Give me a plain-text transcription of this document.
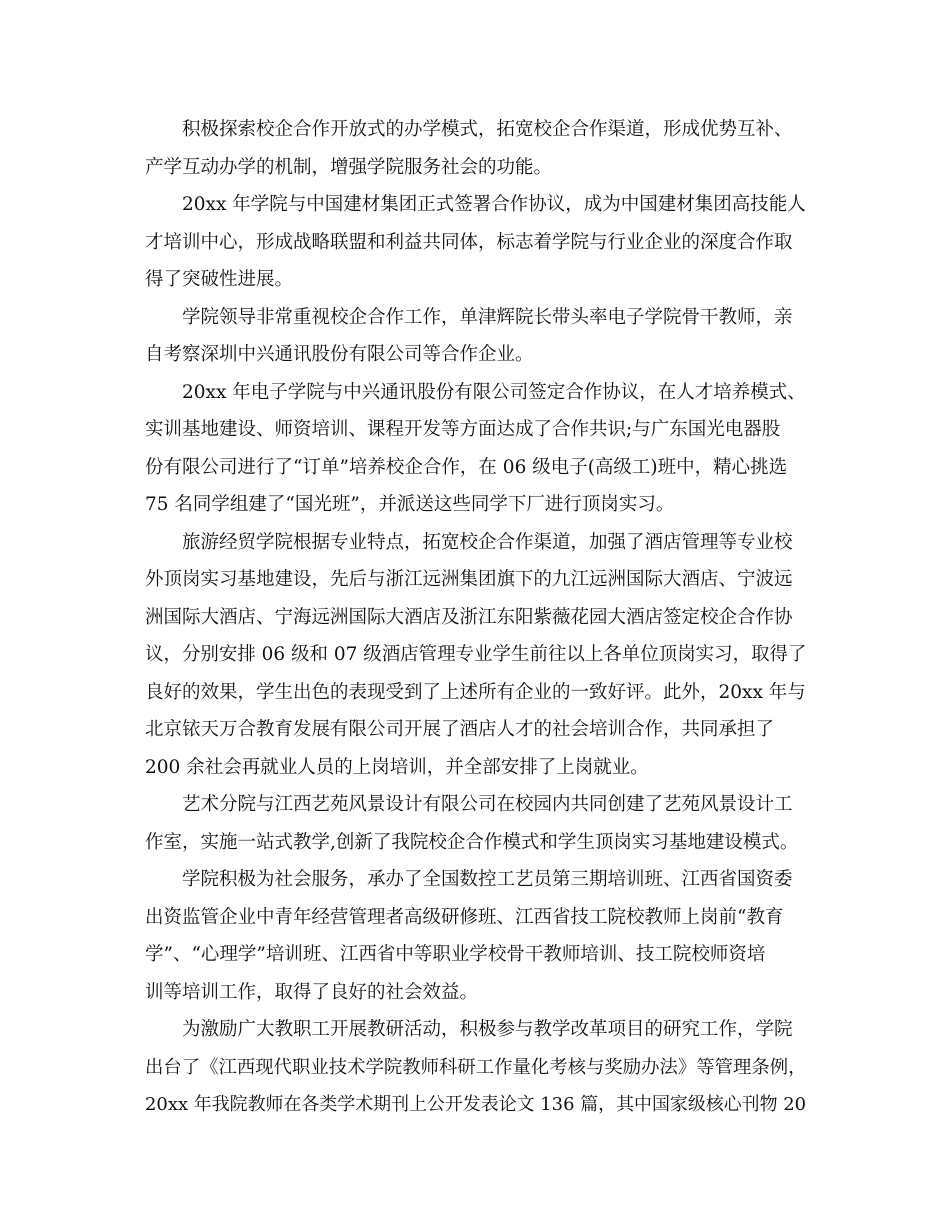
积极探索校企合作开放式的办学模式，拓宽校企合作渠道，形成优势互补、
产学互动办学的机制，增强学院服务社会的功能。
20xx 年学院与中国建材集团正式签署合作协议，成为中国建材集团高技能人
才培训中心，形成战略联盟和利益共同体，标志着学院与行业企业的深度合作取
得了突破性进展。
学院领导非常重视校企合作工作，单津辉院长带头率电子学院骨干教师，亲
自考察深圳中兴通讯股份有限公司等合作企业。
20xx 年电子学院与中兴通讯股份有限公司签定合作协议，在人才培养模式、
实训基地建设、师资培训、课程开发等方面达成了合作共识;与广东国光电器股
份有限公司进行了“订单”培养校企合作，在 06 级电子(高级工)班中，精心挑选
75 名同学组建了“国光班”，并派送这些同学下厂进行顶岗实习。
旅游经贸学院根据专业特点，拓宽校企合作渠道，加强了酒店管理等专业校
外顶岗实习基地建设，先后与浙江远洲集团旗下的九江远洲国际大酒店、宁波远
洲国际大酒店、宁海远洲国际大酒店及浙江东阳紫薇花园大酒店签定校企合作协
议，分别安排 06 级和 07 级酒店管理专业学生前往以上各单位顶岗实习，取得了
良好的效果，学生出色的表现受到了上述所有企业的一致好评。此外，20xx 年与
北京铱天万合教育发展有限公司开展了酒店人才的社会培训合作，共同承担了
200 余社会再就业人员的上岗培训，并全部安排了上岗就业。
艺术分院与江西艺苑风景设计有限公司在校园内共同创建了艺苑风景设计工
作室，实施一站式教学,创新了我院校企合作模式和学生顶岗实习基地建设模式。
学院积极为社会服务，承办了全国数控工艺员第三期培训班、江西省国资委
出资监管企业中青年经营管理者高级研修班、江西省技工院校教师上岗前“教育
学”、“心理学”培训班、江西省中等职业学校骨干教师培训、技工院校师资培
训等培训工作，取得了良好的社会效益。
为激励广大教职工开展教研活动，积极参与教学改革项目的研究工作，学院
出台了《江西现代职业技术学院教师科研工作量化考核与奖励办法》等管理条例，
20xx 年我院教师在各类学术期刊上公开发表论文 136 篇，其中国家级核心刊物 20
